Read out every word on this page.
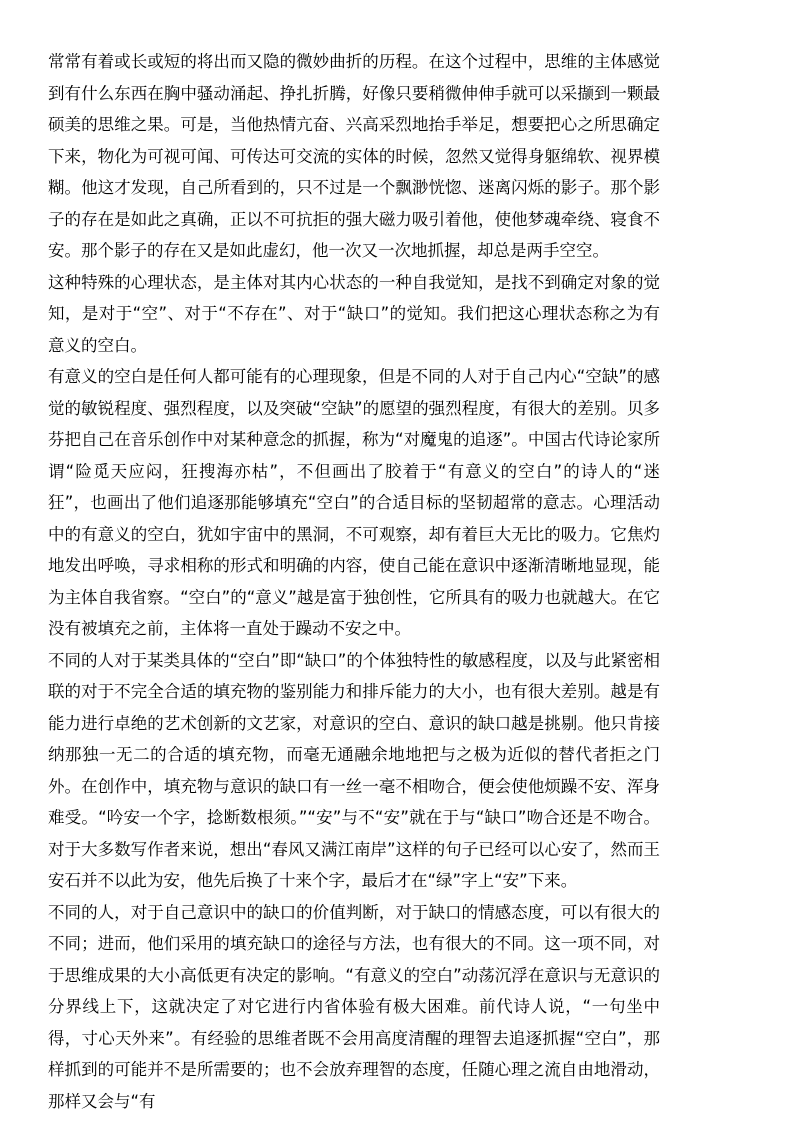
常常有着或长或短的将出而又隐的微妙曲折的历程。在这个过程中，思维的主体感觉到有什么东西在胸中骚动涌起、挣扎折腾，好像只要稍微伸伸手就可以采撷到一颗最硕美的思维之果。可是，当他热情亢奋、兴高采烈地抬手举足，想要把心之所思确定下来，物化为可视可闻、可传达可交流的实体的时候，忽然又觉得身躯绵软、视界模糊。他这才发现，自己所看到的，只不过是一个飘渺恍惚、迷离闪烁的影子。那个影子的存在是如此之真确，正以不可抗拒的强大磁力吸引着他，使他梦魂牵绕、寝食不安。那个影子的存在又是如此虚幻，他一次又一次地抓握，却总是两手空空。

这种特殊的心理状态，是主体对其内心状态的一种自我觉知，是找不到确定对象的觉知，是对于“空”、对于“不存在”、对于“缺口”的觉知。我们把这心理状态称之为有意义的空白。

有意义的空白是任何人都可能有的心理现象，但是不同的人对于自己内心“空缺”的感觉的敏锐程度、强烈程度，以及突破“空缺”的愿望的强烈程度，有很大的差别。贝多芬把自己在音乐创作中对某种意念的抓握，称为“对魔鬼的追逐”。中国古代诗论家所谓“险觅天应闷，狂搜海亦枯”，不但画出了胶着于“有意义的空白”的诗人的“迷狂”，也画出了他们追逐那能够填充“空白”的合适目标的坚韧超常的意志。心理活动中的有意义的空白，犹如宇宙中的黑洞，不可观察，却有着巨大无比的吸力。它焦灼地发出呼唤，寻求相称的形式和明确的内容，使自己能在意识中逐渐清晰地显现，能为主体自我省察。“空白”的“意义”越是富于独创性，它所具有的吸力也就越大。在它没有被填充之前，主体将一直处于躁动不安之中。

不同的人对于某类具体的“空白”即“缺口”的个体独特性的敏感程度，以及与此紧密相联的对于不完全合适的填充物的鉴别能力和排斥能力的大小，也有很大差别。越是有能力进行卓绝的艺术创新的文艺家，对意识的空白、意识的缺口越是挑剔。他只肯接纳那独一无二的合适的填充物，而毫无通融余地地把与之极为近似的替代者拒之门外。在创作中，填充物与意识的缺口有一丝一毫不相吻合，便会使他烦躁不安、浑身难受。“吟安一个字，捻断数根须。”“安”与不“安”就在于与“缺口”吻合还是不吻合。对于大多数写作者来说，想出“春风又满江南岸”这样的句子已经可以心安了，然而王安石并不以此为安，他先后换了十来个字，最后才在“绿”字上“安”下来。

不同的人，对于自己意识中的缺口的价值判断，对于缺口的情感态度，可以有很大的不同；进而，他们采用的填充缺口的途径与方法，也有很大的不同。这一项不同，对于思维成果的大小高低更有决定的影响。“有意义的空白”动荡沉浮在意识与无意识的分界线上下，这就决定了对它进行内省体验有极大困难。前代诗人说，“一句坐中得，寸心天外来”。有经验的思维者既不会用高度清醒的理智去追逐抓握“空白”，那样抓到的可能并不是所需要的；也不会放弃理智的态度，任随心理之流自由地滑动，那样又会与“有
